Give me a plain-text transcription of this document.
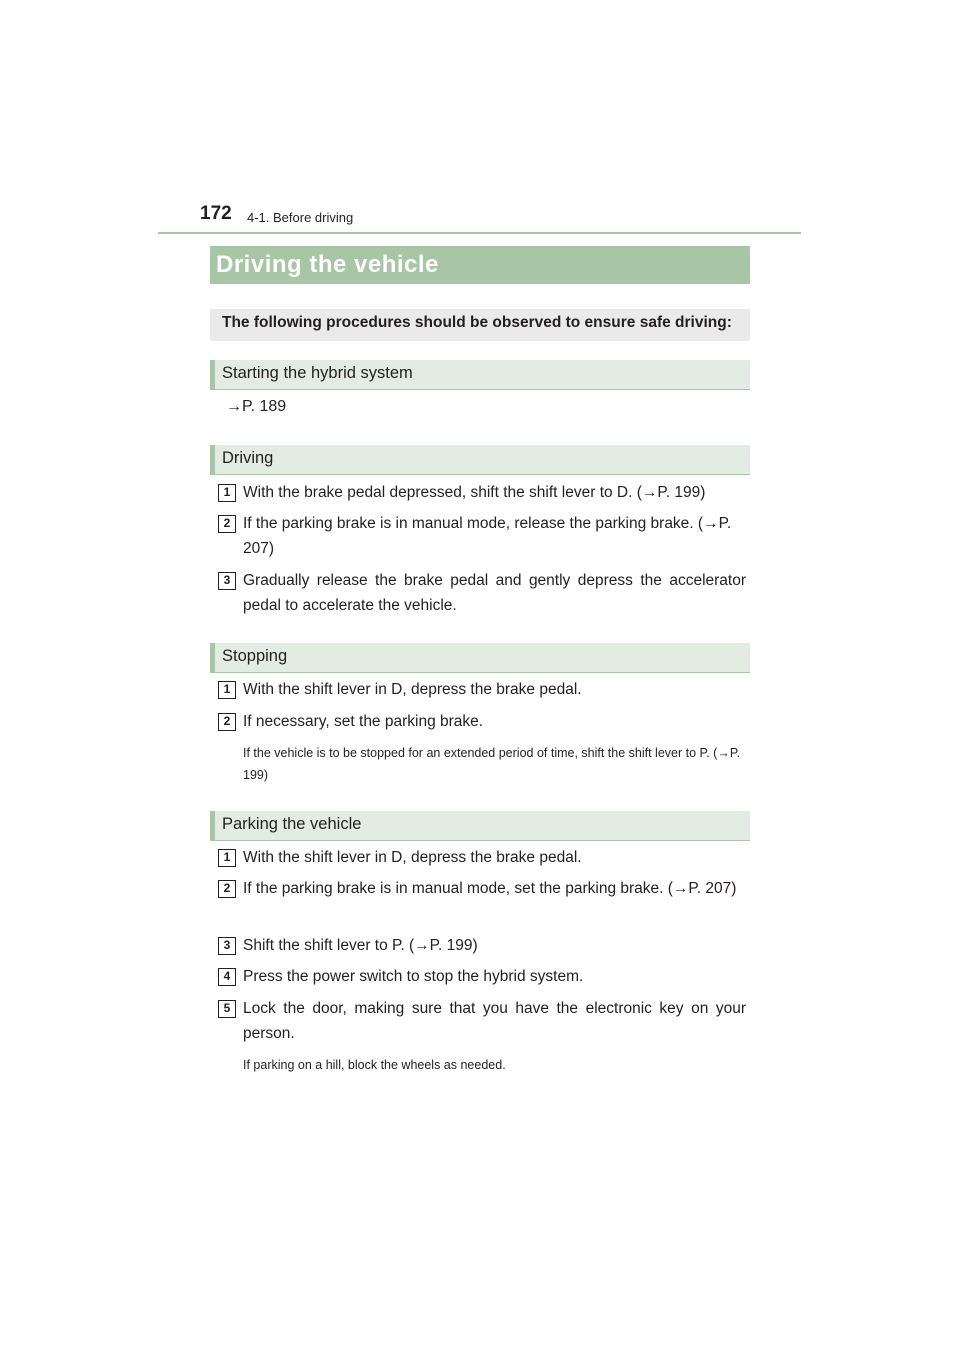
172 4-1. Before driving
Driving the vehicle
The following procedures should be observed to ensure safe driving:
Starting the hybrid system
→P. 189
Driving
1 With the brake pedal depressed, shift the shift lever to D. (→P. 199)
2 If the parking brake is in manual mode, release the parking brake. (→P. 207)
3 Gradually release the brake pedal and gently depress the accelerator pedal to accelerate the vehicle.
Stopping
1 With the shift lever in D, depress the brake pedal.
2 If necessary, set the parking brake.
If the vehicle is to be stopped for an extended period of time, shift the shift lever to P. (→P. 199)
Parking the vehicle
1 With the shift lever in D, depress the brake pedal.
2 If the parking brake is in manual mode, set the parking brake. (→P. 207)
3 Shift the shift lever to P. (→P. 199)
4 Press the power switch to stop the hybrid system.
5 Lock the door, making sure that you have the electronic key on your person.
If parking on a hill, block the wheels as needed.
